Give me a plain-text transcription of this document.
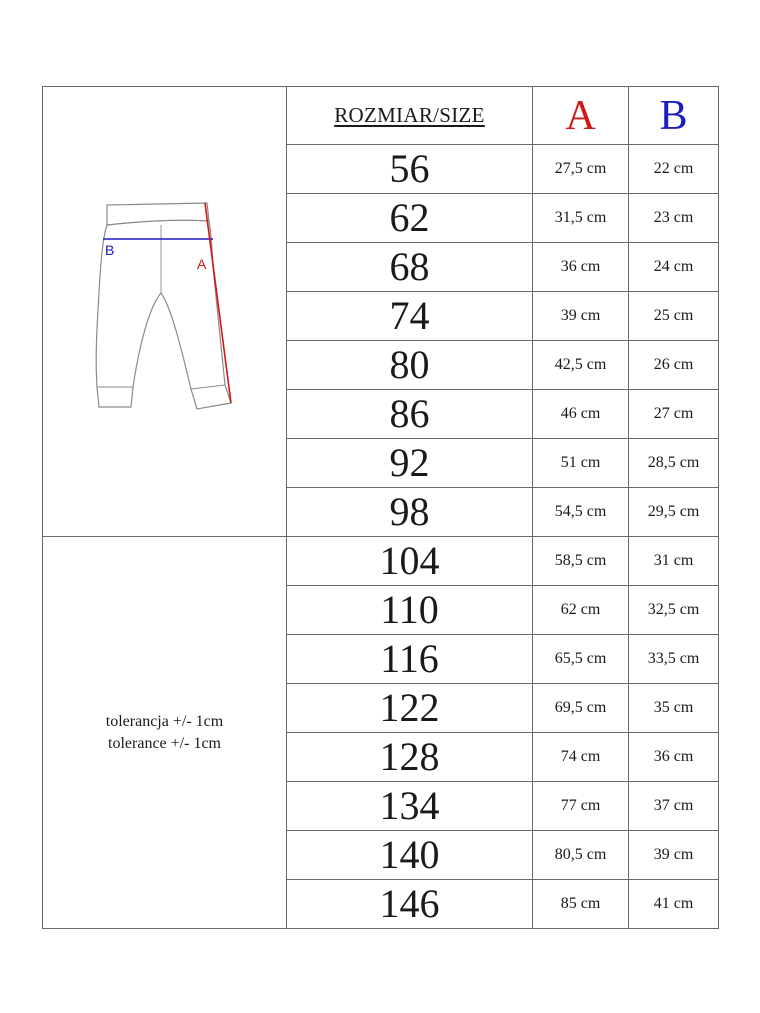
B
A	ROZMIAR/SIZE	A	B
	56	27,5 cm	22 cm
	62	31,5 cm	23 cm
	68	36 cm	24 cm
	74	39 cm	25 cm
	80	42,5 cm	26 cm
	86	46 cm	27 cm
	92	51 cm	28,5 cm
	98	54,5 cm	29,5 cm

tolerancja +/- 1cm
tolerance +/- 1cm	104	58,5 cm	31 cm
	110	62 cm	32,5 cm
	116	65,5 cm	33,5 cm
	122	69,5 cm	35 cm
	128	74 cm	36 cm
	134	77 cm	37 cm
	140	80,5 cm	39 cm
	146	85 cm	41 cm
